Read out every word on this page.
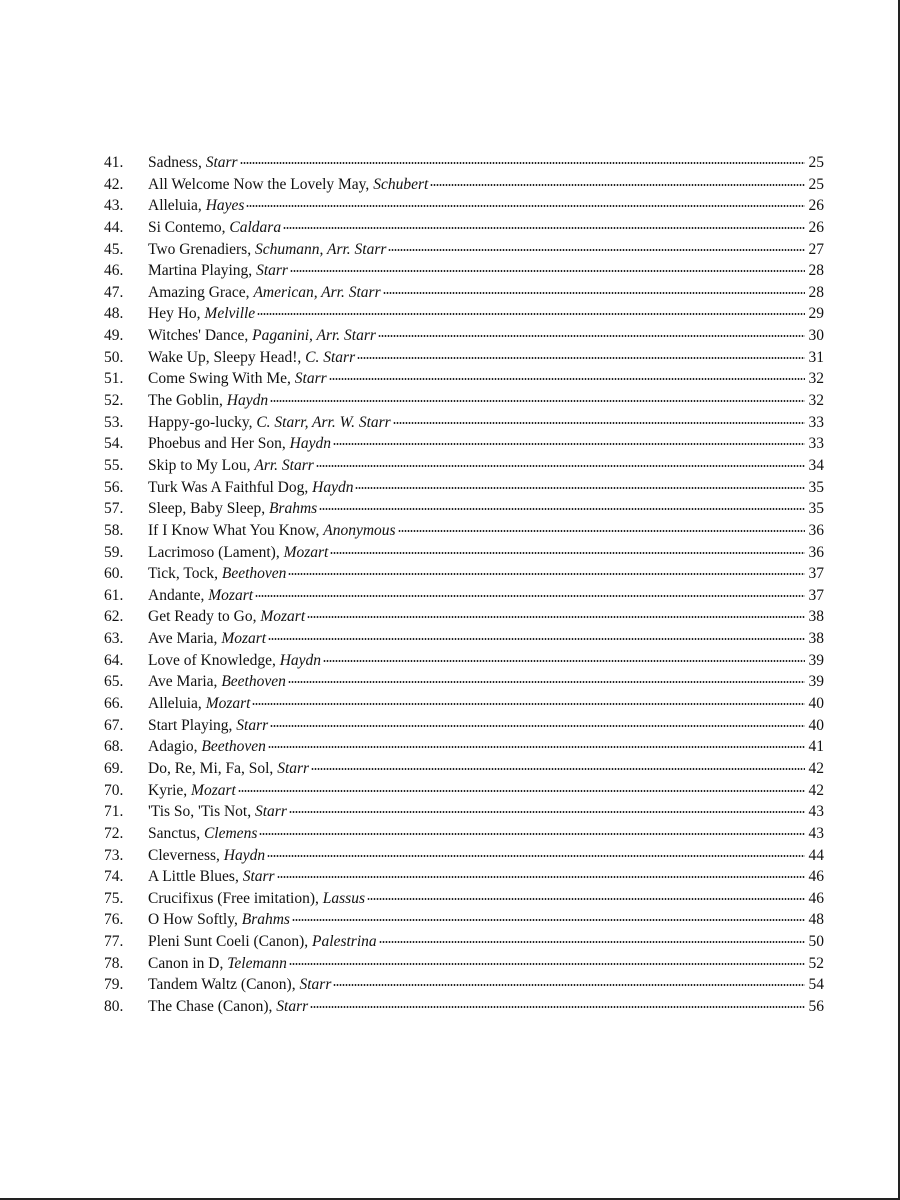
41.	Sadness, Starr	25
42.	All Welcome Now the Lovely May, Schubert	25
43.	Alleluia, Hayes	26
44.	Si Contemo, Caldara	26
45.	Two Grenadiers, Schumann, Arr. Starr	27
46.	Martina Playing, Starr	28
47.	Amazing Grace, American, Arr. Starr	28
48.	Hey Ho, Melville	29
49.	Witches' Dance, Paganini, Arr. Starr	30
50.	Wake Up, Sleepy Head!, C. Starr	31
51.	Come Swing With Me, Starr	32
52.	The Goblin, Haydn	32
53.	Happy-go-lucky, C. Starr, Arr. W. Starr	33
54.	Phoebus and Her Son, Haydn	33
55.	Skip to My Lou, Arr. Starr	34
56.	Turk Was A Faithful Dog, Haydn	35
57.	Sleep, Baby Sleep, Brahms	35
58.	If I Know What You Know, Anonymous	36
59.	Lacrimoso (Lament), Mozart	36
60.	Tick, Tock, Beethoven	37
61.	Andante, Mozart	37
62.	Get Ready to Go, Mozart	38
63.	Ave Maria, Mozart	38
64.	Love of Knowledge, Haydn	39
65.	Ave Maria, Beethoven	39
66.	Alleluia, Mozart	40
67.	Start Playing, Starr	40
68.	Adagio, Beethoven	41
69.	Do, Re, Mi, Fa, Sol, Starr	42
70.	Kyrie, Mozart	42
71.	'Tis So, 'Tis Not, Starr	43
72.	Sanctus, Clemens	43
73.	Cleverness, Haydn	44
74.	A Little Blues, Starr	46
75.	Crucifixus (Free imitation), Lassus	46
76.	O How Softly, Brahms	48
77.	Pleni Sunt Coeli (Canon), Palestrina	50
78.	Canon in D, Telemann	52
79.	Tandem Waltz (Canon), Starr	54
80.	The Chase (Canon), Starr	56
